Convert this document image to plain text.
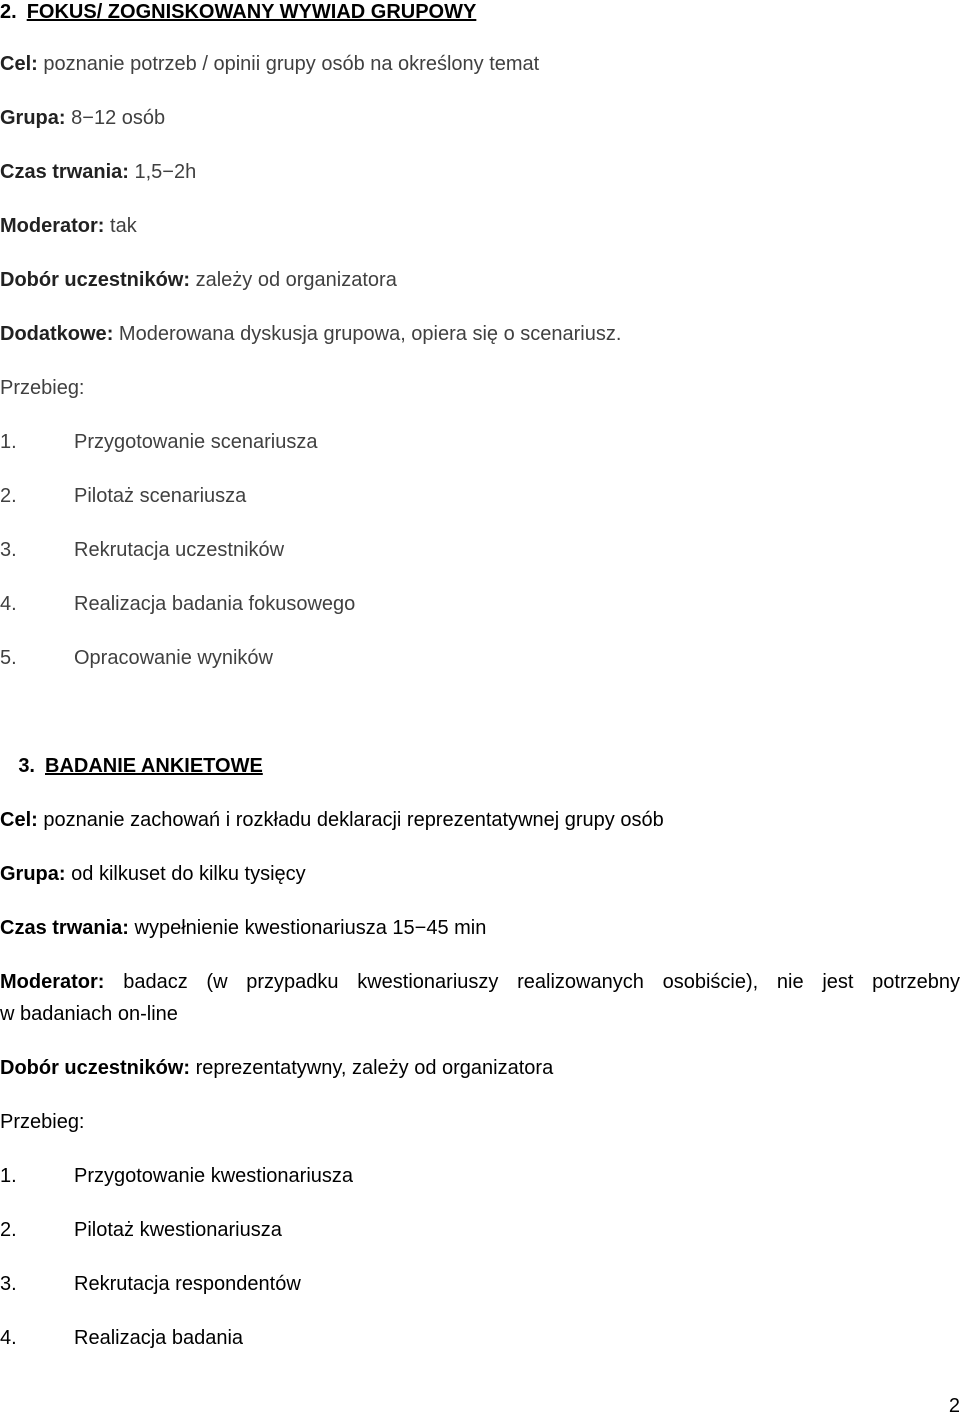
2. FOKUS/ ZOGNISKOWANY WYWIAD GRUPOWY
Cel: poznanie potrzeb / opinii grupy osób na określony temat
Grupa: 8−12 osób
Czas trwania: 1,5−2h
Moderator: tak
Dobór uczestników: zależy od organizatora
Dodatkowe: Moderowana dyskusja grupowa, opiera się o scenariusz.
Przebieg:
1.	Przygotowanie scenariusza
2.	Pilotaż scenariusza
3.	Rekrutacja uczestników
4.	Realizacja badania fokusowego
5.	Opracowanie wyników
3. BADANIE ANKIETOWE
Cel: poznanie zachowań i rozkładu deklaracji reprezentatywnej grupy osób
Grupa: od kilkuset do kilku tysięcy
Czas trwania: wypełnienie kwestionariusza 15−45 min
Moderator: badacz (w przypadku kwestionariuszy realizowanych osobiście), nie jest potrzebny
w badaniach on-line
Dobór uczestników: reprezentatywny, zależy od organizatora
Przebieg:
1.	Przygotowanie kwestionariusza
2.	Pilotaż kwestionariusza
3.	Rekrutacja respondentów
4.	Realizacja badania
2
